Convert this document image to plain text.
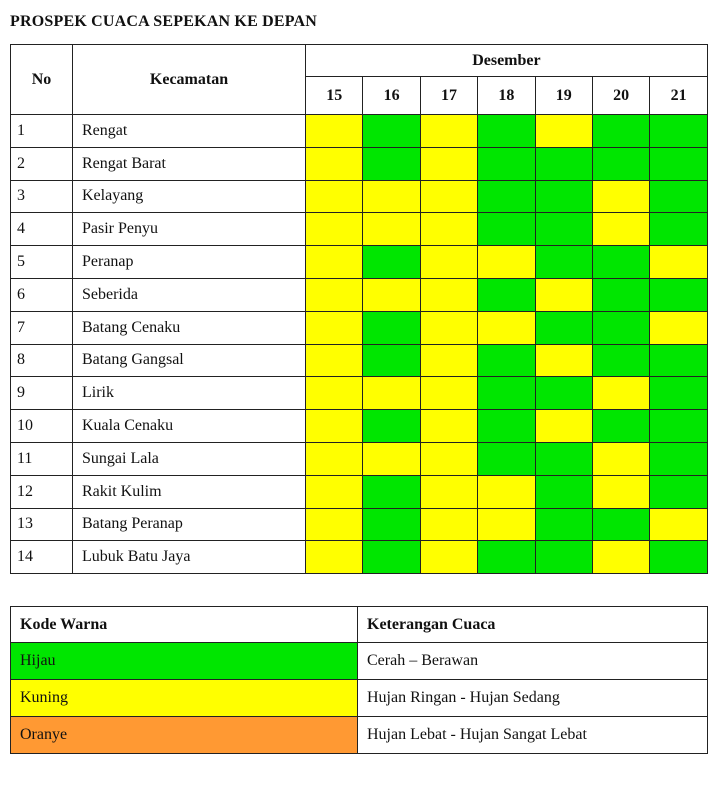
PROSPEK CUACA SEPEKAN KE DEPAN
No	Kecamatan	Desember						
		15	16	17	18	19	20	21
1	Rengat							
2	Rengat Barat							
3	Kelayang							
4	Pasir Penyu							
5	Peranap							
6	Seberida							
7	Batang Cenaku							
8	Batang Gangsal							
9	Lirik							
10	Kuala Cenaku							
11	Sungai Lala							
12	Rakit Kulim							
13	Batang Peranap							
14	Lubuk Batu Jaya							
Kode Warna	Keterangan Cuaca
Hijau	Cerah – Berawan
Kuning	Hujan Ringan - Hujan Sedang
Oranye	Hujan Lebat - Hujan Sangat Lebat
